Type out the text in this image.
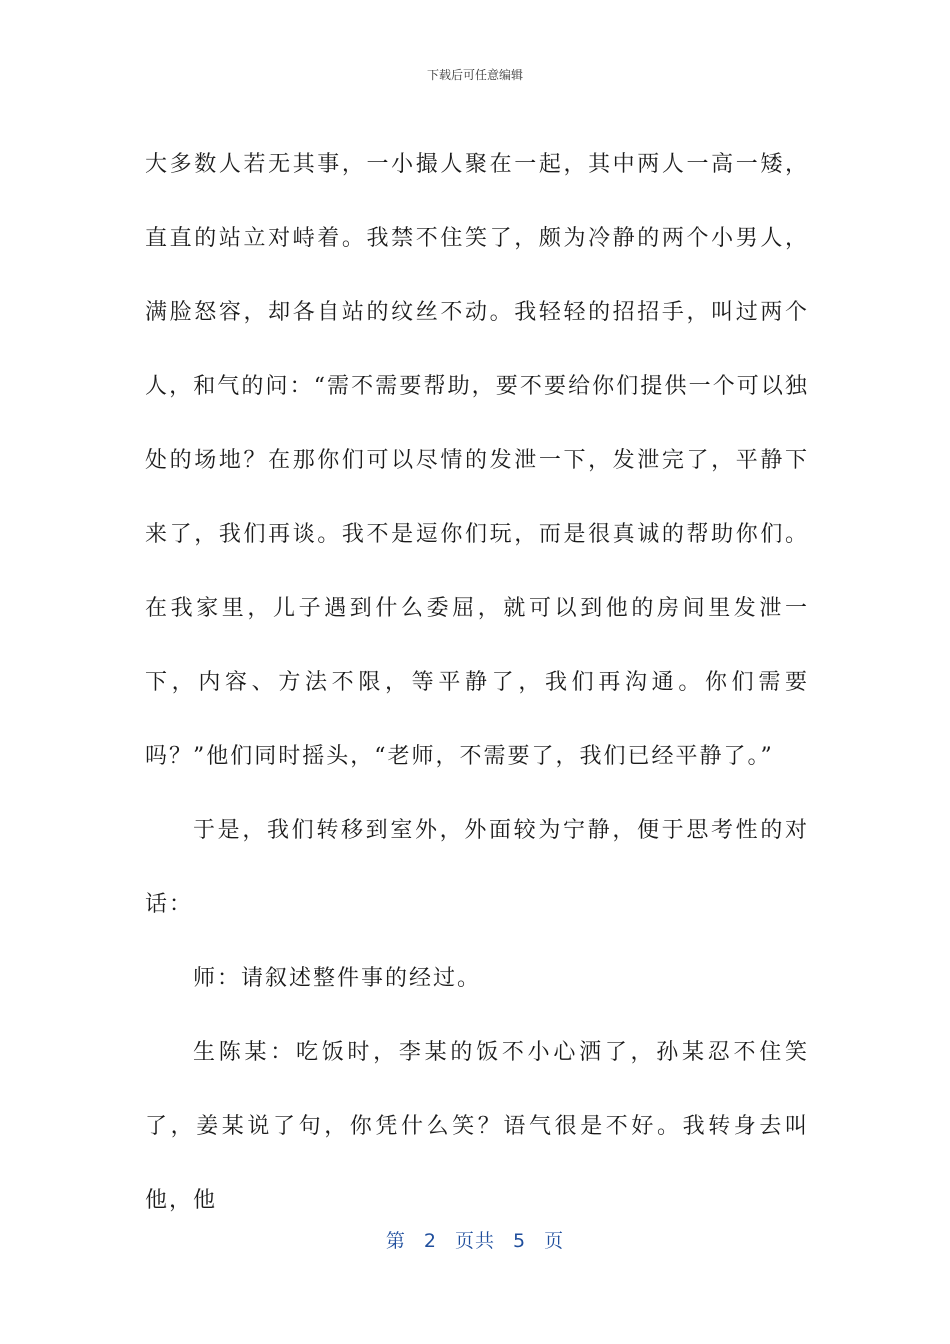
下载后可任意编辑

大多数人若无其事，一小撮人聚在一起，其中两人一高一矮，直直的站立对峙着。我禁不住笑了，颇为冷静的两个小男人，满脸怒容，却各自站的纹丝不动。我轻轻的招招手，叫过两个人，和气的问：“需不需要帮助，要不要给你们提供一个可以独处的场地？在那你们可以尽情的发泄一下，发泄完了，平静下来了，我们再谈。我不是逗你们玩，而是很真诚的帮助你们。在我家里，儿子遇到什么委屈，就可以到他的房间里发泄一下，内容、方法不限，等平静了，我们再沟通。你们需要吗？”他们同时摇头，“老师，不需要了，我们已经平静了。”

于是，我们转移到室外，外面较为宁静，便于思考性的对话：

师：请叙述整件事的经过。

生陈某：吃饭时，李某的饭不小心洒了，孙某忍不住笑了，姜某说了句，你凭什么笑？语气很是不好。我转身去叫他，他

第 2 页共 5 页
